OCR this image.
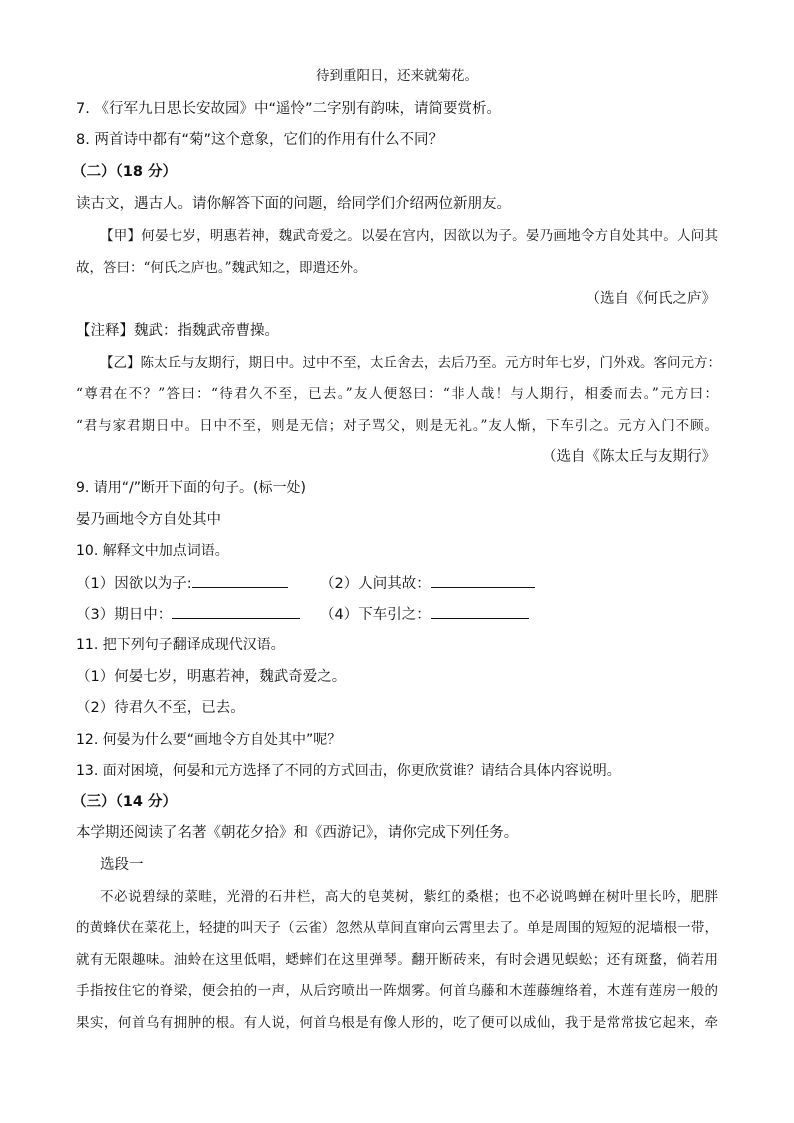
待到重阳日，还来就菊花。
7. 《行军九日思长安故园》中“遥怜”二字别有韵味，请简要赏析。
8. 两首诗中都有“菊”这个意象，它们的作用有什么不同？
（二）（18 分）
读古文，遇古人。请你解答下面的问题，给同学们介绍两位新朋友。
【甲】何晏七岁，明惠若神，魏武奇爱之。以晏在宫内，因欲以为子。晏乃画地令方自处其中。人问其
故，答曰：“何氏之庐也。”魏武知之，即遣还外。
（选自《何氏之庐》
【注释】魏武：指魏武帝曹操。
【乙】陈太丘与友期行，期日中。过中不至，太丘舍去，去后乃至。元方时年七岁，门外戏。客问元方：
“尊君在不？”答曰：“待君久不至，已去。”友人便怒曰：“非人哉！与人期行，相委而去。”元方曰：
“君与家君期日中。日中不至，则是无信；对子骂父，则是无礼。”友人惭，下车引之。元方入门不顾。
（选自《陈太丘与友期行》
9. 请用“/”断开下面的句子。(标一处)
晏乃画地令方自处其中
10. 解释文中加点词语。
（1）因欲以为子:	（2）人问其故：
（3）期日中：	（4）下车引之：
11. 把下列句子翻译成现代汉语。
（1）何晏七岁，明惠若神，魏武奇爱之。
（2）待君久不至，已去。
12. 何晏为什么要“画地令方自处其中”呢？
13. 面对困境，何晏和元方选择了不同的方式回击，你更欣赏谁？请结合具体内容说明。
（三）（14 分）
本学期还阅读了名著《朝花夕拾》和《西游记》，请你完成下列任务。
选段一
不必说碧绿的菜畦，光滑的石井栏，高大的皂荚树，紫红的桑椹；也不必说鸣蝉在树叶里长吟，肥胖
的黄蜂伏在菜花上，轻捷的叫天子（云雀）忽然从草间直窜向云霄里去了。单是周围的短短的泥墙根一带，
就有无限趣味。油蛉在这里低唱，蟋蟀们在这里弹琴。翻开断砖来，有时会遇见蜈蚣；还有斑蝥，倘若用
手指按住它的脊梁，便会拍的一声，从后窍喷出一阵烟雾。何首乌藤和木莲藤缠络着，木莲有莲房一般的
果实，何首乌有拥肿的根。有人说，何首乌根是有像人形的，吃了便可以成仙，我于是常常拔它起来，牵
